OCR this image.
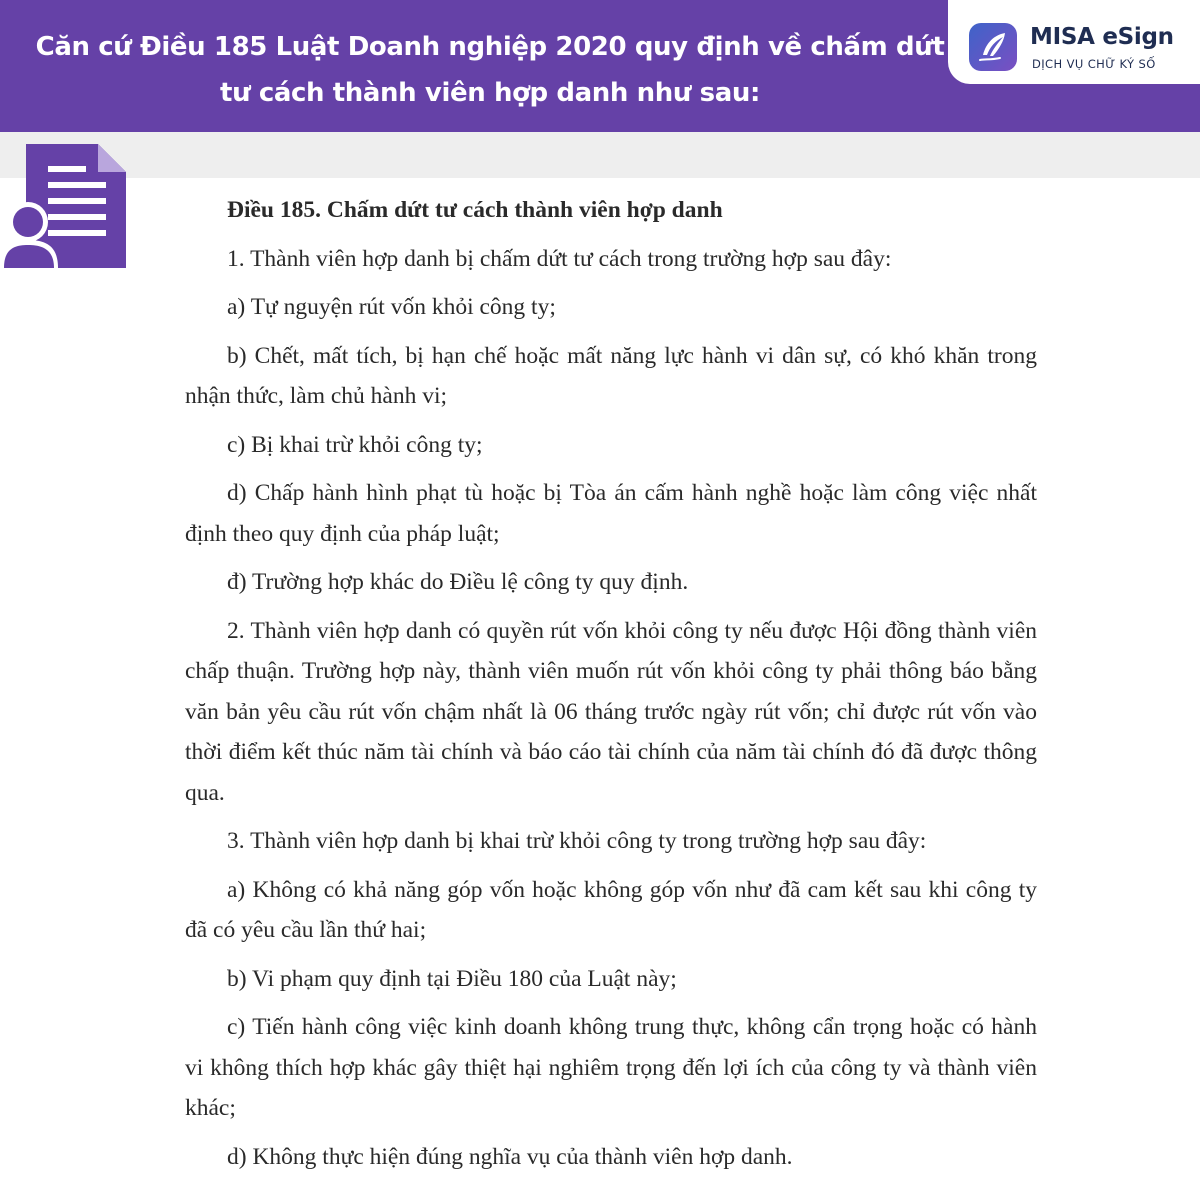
Căn cứ Điều 185 Luật Doanh nghiệp 2020 quy định về chấm dứt
tư cách thành viên hợp danh như sau:
MISA eSign
DỊCH VỤ CHỮ KÝ SỐ

Điều 185. Chấm dứt tư cách thành viên hợp danh

1. Thành viên hợp danh bị chấm dứt tư cách trong trường hợp sau đây:

a) Tự nguyện rút vốn khỏi công ty;

b) Chết, mất tích, bị hạn chế hoặc mất năng lực hành vi dân sự, có khó khăn trong nhận thức, làm chủ hành vi;

c) Bị khai trừ khỏi công ty;

d) Chấp hành hình phạt tù hoặc bị Tòa án cấm hành nghề hoặc làm công việc nhất định theo quy định của pháp luật;

đ) Trường hợp khác do Điều lệ công ty quy định.

2. Thành viên hợp danh có quyền rút vốn khỏi công ty nếu được Hội đồng thành viên chấp thuận. Trường hợp này, thành viên muốn rút vốn khỏi công ty phải thông báo bằng văn bản yêu cầu rút vốn chậm nhất là 06 tháng trước ngày rút vốn; chỉ được rút vốn vào thời điểm kết thúc năm tài chính và báo cáo tài chính của năm tài chính đó đã được thông qua.

3. Thành viên hợp danh bị khai trừ khỏi công ty trong trường hợp sau đây:

a) Không có khả năng góp vốn hoặc không góp vốn như đã cam kết sau khi công ty đã có yêu cầu lần thứ hai;

b) Vi phạm quy định tại Điều 180 của Luật này;

c) Tiến hành công việc kinh doanh không trung thực, không cẩn trọng hoặc có hành vi không thích hợp khác gây thiệt hại nghiêm trọng đến lợi ích của công ty và thành viên khác;

d) Không thực hiện đúng nghĩa vụ của thành viên hợp danh.
